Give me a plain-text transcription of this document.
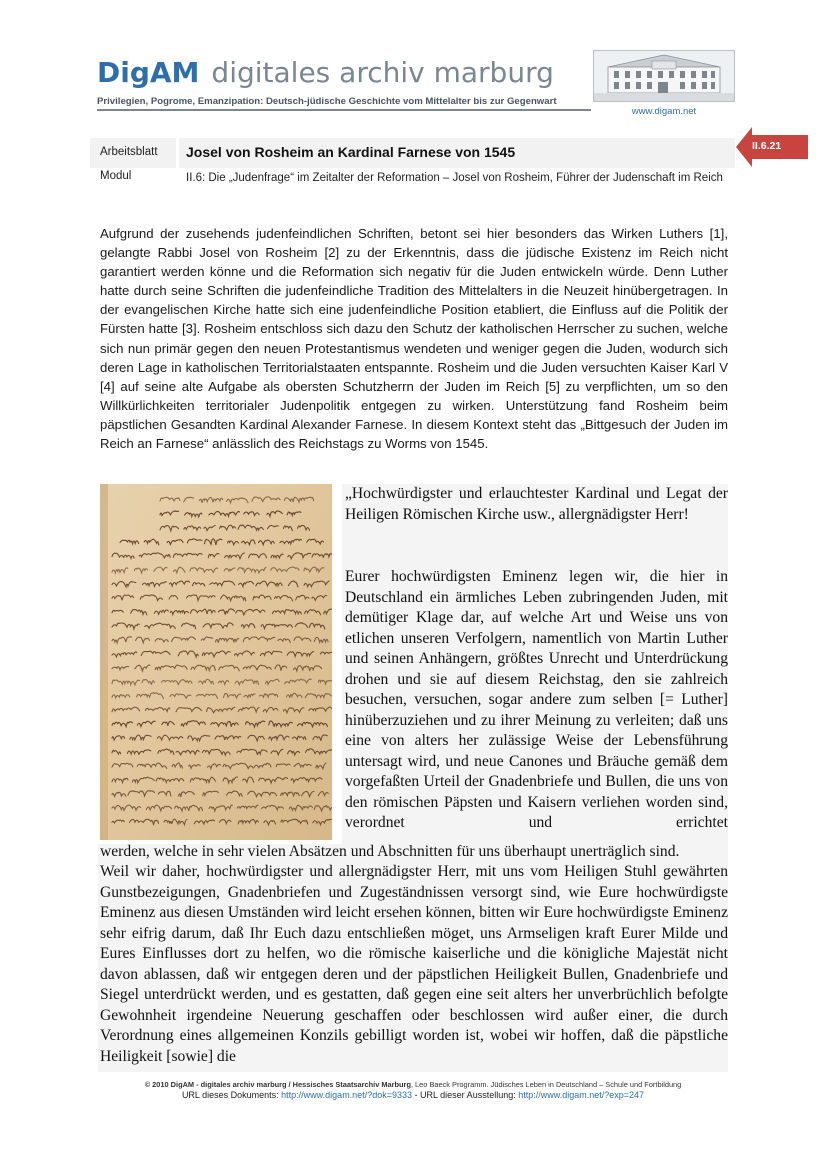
DigAM digitales archiv marburg
Privilegien, Pogrome, Emanzipation: Deutsch-jüdische Geschichte vom Mittelalter bis zur Gegenwart
www.digam.net
Arbeitsblatt Josel von Rosheim an Kardinal Farnese von 1545	II.6.21
Modul	II.6: Die „Judenfrage“ im Zeitalter der Reformation – Josel von Rosheim, Führer der Judenschaft im Reich
Aufgrund der zusehends judenfeindlichen Schriften, betont sei hier besonders das Wirken Luthers [1], gelangte Rabbi Josel von Rosheim [2] zu der Erkenntnis, dass die jüdische Existenz im Reich nicht garantiert werden könne und die Reformation sich negativ für die Juden entwickeln würde. Denn Luther hatte durch seine Schriften die judenfeindliche Tradition des Mittelalters in die Neuzeit hinübergetragen. In der evangelischen Kirche hatte sich eine judenfeindliche Position etabliert, die Einfluss auf die Politik der Fürsten hatte [3]. Rosheim entschloss sich dazu den Schutz der katholischen Herrscher zu suchen, welche sich nun primär gegen den neuen Protestantismus wendeten und weniger gegen die Juden, wodurch sich deren Lage in katholischen Territorialstaaten entspannte. Rosheim und die Juden versuchten Kaiser Karl V [4] auf seine alte Aufgabe als obersten Schutzherrn der Juden im Reich [5] zu verpflichten, um so den Willkürlichkeiten territorialer Judenpolitik entgegen zu wirken. Unterstützung fand Rosheim beim päpstlichen Gesandten Kardinal Alexander Farnese. In diesem Kontext steht das „Bittgesuch der Juden im Reich an Farnese“ anlässlich des Reichstags zu Worms von 1545.
„Hochwürdigster und erlauchtester Kardinal und Legat der Heiligen Römischen Kirche usw., allergnädigster Herr!
Eurer hochwürdigsten Eminenz legen wir, die hier in Deutschland ein ärmliches Leben zubringenden Juden, mit demütiger Klage dar, auf welche Art und Weise uns von etlichen unseren Verfolgern, namentlich von Martin Luther und seinen Anhängern, größtes Unrecht und Unterdrückung drohen und sie auf diesem Reichstag, den sie zahlreich besuchen, versuchen, sogar andere zum selben [= Luther] hinüberzuziehen und zu ihrer Meinung zu verleiten; daß uns eine von alters her zulässige Weise der Lebensführung untersagt wird, und neue Canones und Bräuche gemäß dem vorgefaßten Urteil der Gnadenbriefe und Bullen, die uns von den römischen Päpsten und Kaisern verliehen worden sind, verordnet und errichtet
werden, welche in sehr vielen Absätzen und Abschnitten für uns überhaupt unerträglich sind.
Weil wir daher, hochwürdigster und allergnädigster Herr, mit uns vom Heiligen Stuhl gewährten Gunstbezeigungen, Gnadenbriefen und Zugeständnissen versorgt sind, wie Eure hochwürdigste Eminenz aus diesen Umständen wird leicht ersehen können, bitten wir Eure hochwürdigste Eminenz sehr eifrig darum, daß Ihr Euch dazu entschließen möget, uns Armseligen kraft Eurer Milde und Eures Einflusses dort zu helfen, wo die römische kaiserliche und die königliche Majestät nicht davon ablassen, daß wir entgegen deren und der päpstlichen Heiligkeit Bullen, Gnadenbriefe und Siegel unterdrückt werden, und es gestatten, daß gegen eine seit alters her unverbrüchlich befolgte Gewohnheit irgendeine Neuerung geschaffen oder beschlossen wird außer einer, die durch Verordnung eines allgemeinen Konzils gebilligt worden ist, wobei wir hoffen, daß die päpstliche Heiligkeit [sowie] die
© 2010 DigAM - digitales archiv marburg / Hessisches Staatsarchiv Marburg, Leo Baeck Programm. Jüdisches Leben in Deutschland – Schule und Fortbildung
URL dieses Dokuments: http://www.digam.net/?dok=9333 - URL dieser Ausstellung: http://www.digam.net/?exp=247
